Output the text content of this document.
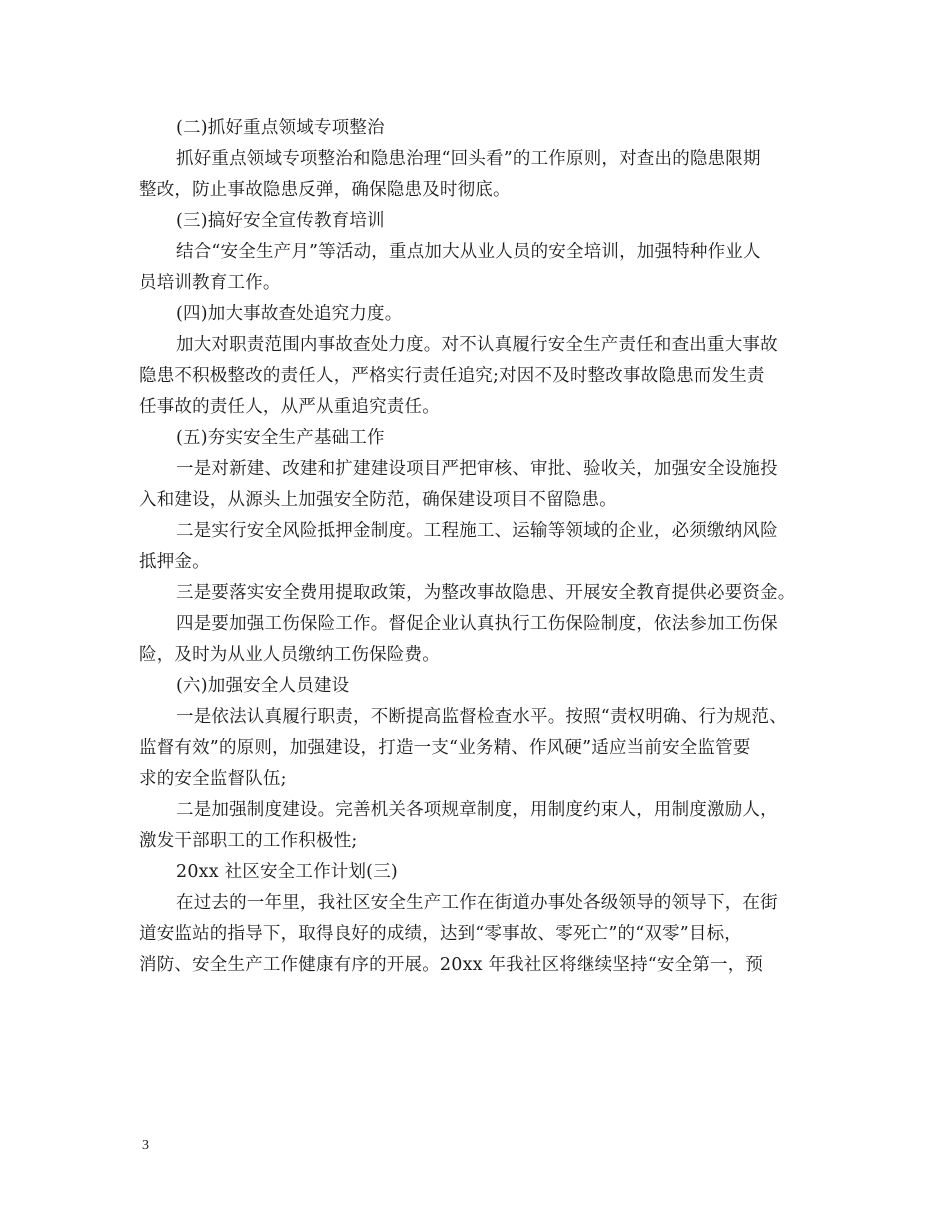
(二)抓好重点领域专项整治
抓好重点领域专项整治和隐患治理“回头看”的工作原则，对查出的隐患限期
整改，防止事故隐患反弹，确保隐患及时彻底。
(三)搞好安全宣传教育培训
结合“安全生产月”等活动，重点加大从业人员的安全培训，加强特种作业人
员培训教育工作。
(四)加大事故查处追究力度。
加大对职责范围内事故查处力度。对不认真履行安全生产责任和查出重大事故
隐患不积极整改的责任人，严格实行责任追究;对因不及时整改事故隐患而发生责
任事故的责任人，从严从重追究责任。
(五)夯实安全生产基础工作
一是对新建、改建和扩建建设项目严把审核、审批、验收关，加强安全设施投
入和建设，从源头上加强安全防范，确保建设项目不留隐患。
二是实行安全风险抵押金制度。工程施工、运输等领域的企业，必须缴纳风险
抵押金。
三是要落实安全费用提取政策，为整改事故隐患、开展安全教育提供必要资金。
四是要加强工伤保险工作。督促企业认真执行工伤保险制度，依法参加工伤保
险，及时为从业人员缴纳工伤保险费。
(六)加强安全人员建设
一是依法认真履行职责，不断提高监督检查水平。按照“责权明确、行为规范、
监督有效”的原则，加强建设，打造一支“业务精、作风硬”适应当前安全监管要
求的安全监督队伍;
二是加强制度建设。完善机关各项规章制度，用制度约束人，用制度激励人，
激发干部职工的工作积极性;
20xx 社区安全工作计划(三)
在过去的一年里，我社区安全生产工作在街道办事处各级领导的领导下，在街
道安监站的指导下，取得良好的成绩，达到“零事故、零死亡”的“双零”目标，
消防、安全生产工作健康有序的开展。20xx 年我社区将继续坚持“安全第一，预
3
